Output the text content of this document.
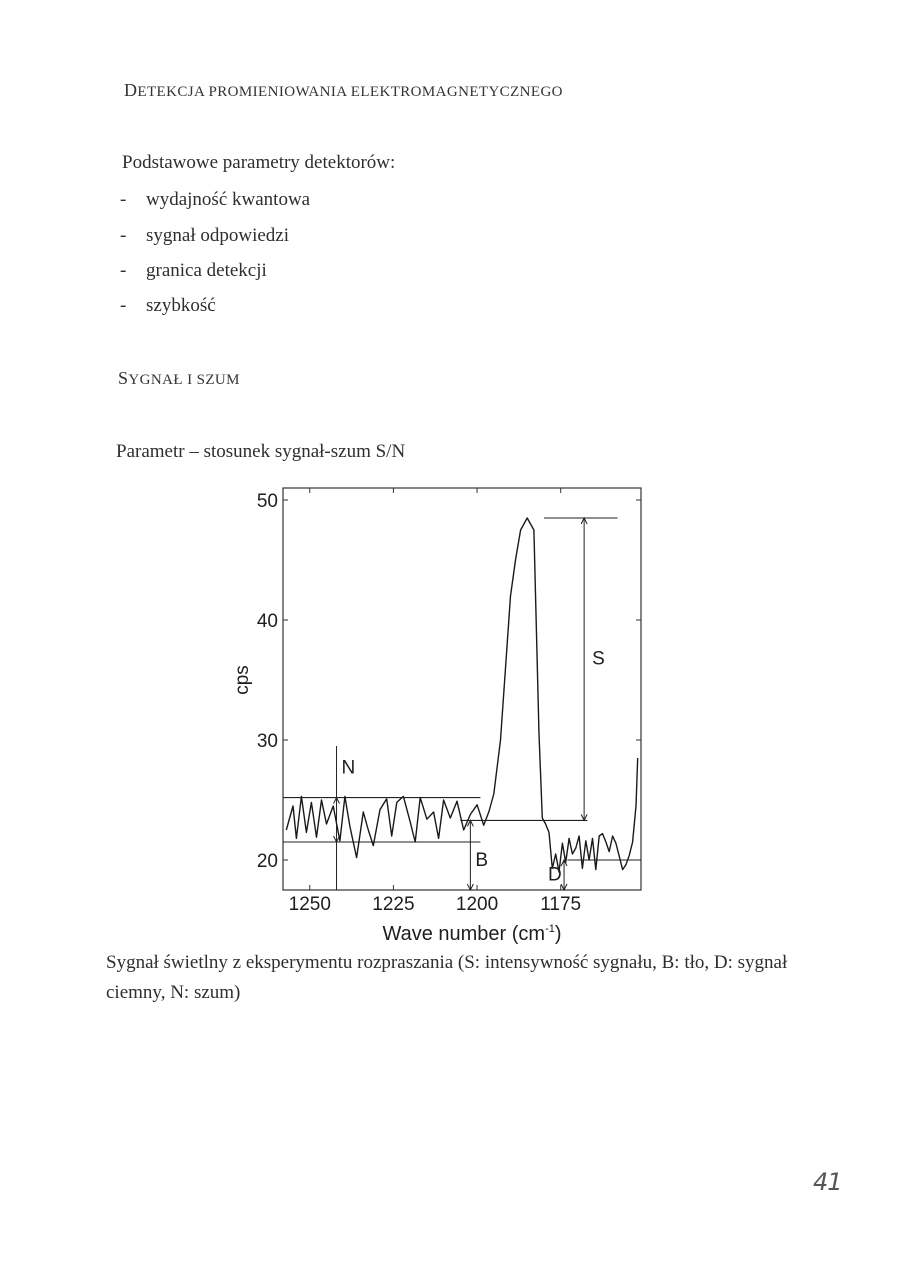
DETEKCJA PROMIENIOWANIA ELEKTROMAGNETYCZNEGO
Podstawowe parametry detektorów:
- wydajność kwantowa
- sygnał odpowiedzi
- granica detekcji
- szybkość
SYGNAŁ I SZUM
Parametr – stosunek sygnał-szum S/N
20
30
40
50
1250 1225 1200 1175
Wave number $(cm^{-1})$
cps
N
B
S
D
Sygnał świetlny z eksperymentu rozpraszania (S: intensywność sygnału, B: tło, D: sygnał ciemny, N: szum)
41
